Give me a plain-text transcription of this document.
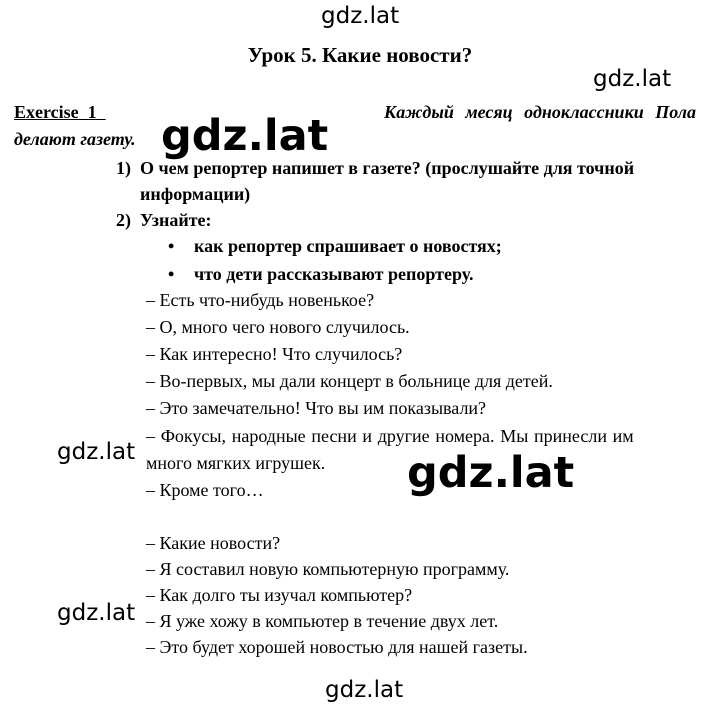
gdz.lat
gdz.lat
gdz.lat
gdz.lat	gdz.lat
gdz.lat
gdz.lat
Урок 5. Какие новости?
Exercise  1	Каждый месяц одноклассники Пола
делают газету.
1) О чем репортер напишет в газете? (прослушайте для точной
информации)
2) Узнайте:
• как репортер спрашивает о новостях;
• что дети рассказывают репортеру.
– Есть что-нибудь новенькое?
– О, много чего нового случилось.
– Как интересно! Что случилось?
– Во-первых, мы дали концерт в больнице для детей.
– Это замечательно! Что вы им показывали?
– Фокусы, народные песни и другие номера. Мы принесли им
много мягких игрушек.
– Кроме того…
– Какие новости?
– Я составил новую компьютерную программу.
– Как долго ты изучал компьютер?
– Я уже хожу в компьютер в течение двух лет.
– Это будет хорошей новостью для нашей газеты.
